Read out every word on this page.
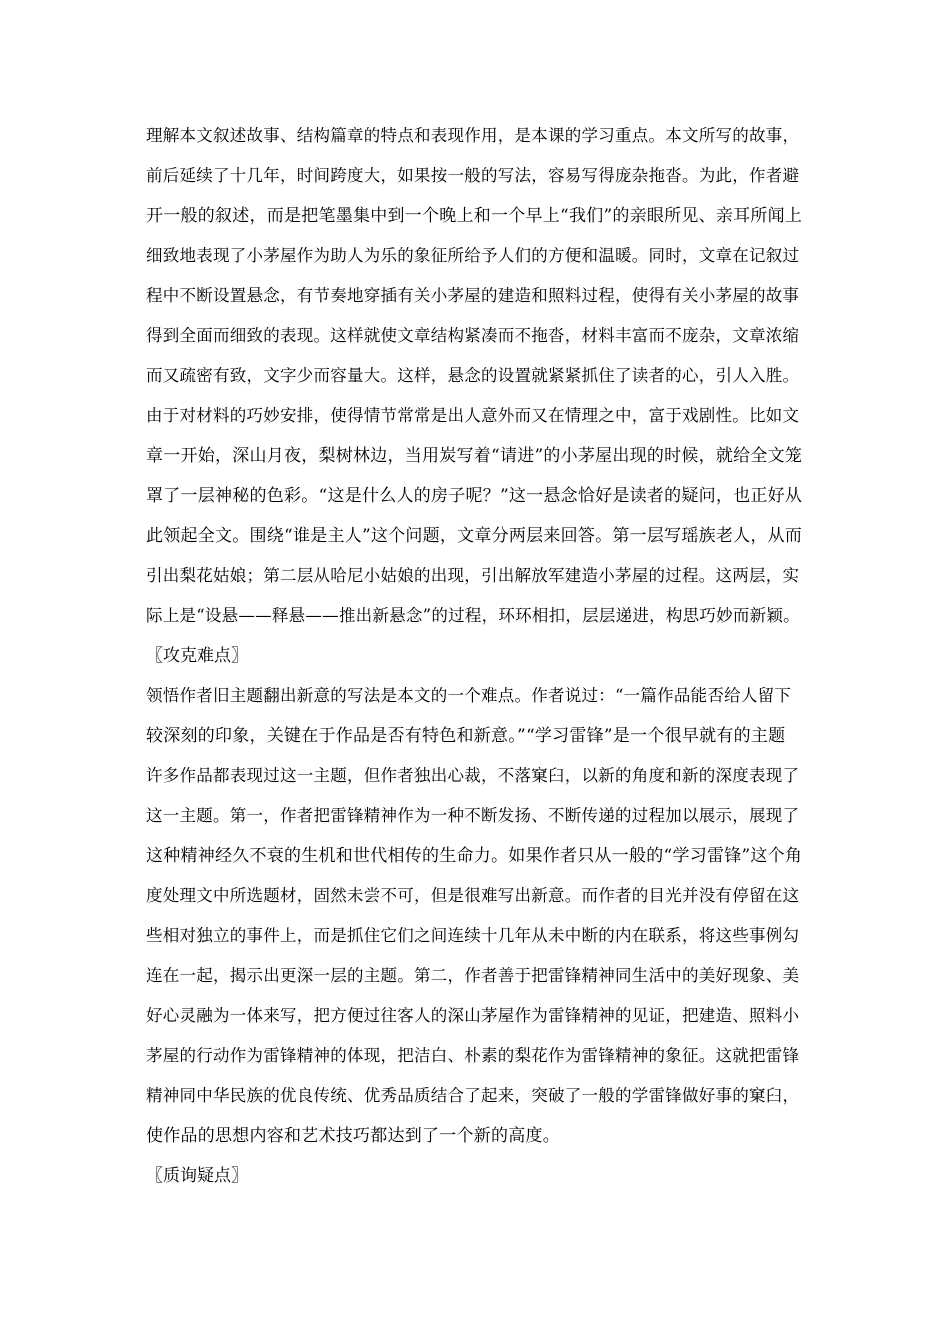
理解本文叙述故事、结构篇章的特点和表现作用，是本课的学习重点。本文所写的故事，
前后延续了十几年，时间跨度大，如果按一般的写法，容易写得庞杂拖沓。为此，作者避
开一般的叙述，而是把笔墨集中到一个晚上和一个早上“我们”的亲眼所见、亲耳所闻上
细致地表现了小茅屋作为助人为乐的象征所给予人们的方便和温暖。同时，文章在记叙过
程中不断设置悬念，有节奏地穿插有关小茅屋的建造和照料过程，使得有关小茅屋的故事
得到全面而细致的表现。这样就使文章结构紧凑而不拖沓，材料丰富而不庞杂，文章浓缩
而又疏密有致，文字少而容量大。这样，悬念的设置就紧紧抓住了读者的心，引人入胜。
由于对材料的巧妙安排，使得情节常常是出人意外而又在情理之中，富于戏剧性。比如文
章一开始，深山月夜，梨树林边，当用炭写着“请进”的小茅屋出现的时候，就给全文笼
罩了一层神秘的色彩。“这是什么人的房子呢？”这一悬念恰好是读者的疑问，也正好从
此领起全文。围绕“谁是主人”这个问题，文章分两层来回答。第一层写瑶族老人，从而
引出梨花姑娘；第二层从哈尼小姑娘的出现，引出解放军建造小茅屋的过程。这两层，实
际上是“设悬——释悬——推出新悬念”的过程，环环相扣，层层递进，构思巧妙而新颖。
〖攻克难点〗
领悟作者旧主题翻出新意的写法是本文的一个难点。作者说过：“一篇作品能否给人留下
较深刻的印象，关键在于作品是否有特色和新意。”“学习雷锋”是一个很早就有的主题
许多作品都表现过这一主题，但作者独出心裁，不落窠臼，以新的角度和新的深度表现了
这一主题。第一，作者把雷锋精神作为一种不断发扬、不断传递的过程加以展示，展现了
这种精神经久不衰的生机和世代相传的生命力。如果作者只从一般的“学习雷锋”这个角
度处理文中所选题材，固然未尝不可，但是很难写出新意。而作者的目光并没有停留在这
些相对独立的事件上，而是抓住它们之间连续十几年从未中断的内在联系，将这些事例勾
连在一起，揭示出更深一层的主题。第二，作者善于把雷锋精神同生活中的美好现象、美
好心灵融为一体来写，把方便过往客人的深山茅屋作为雷锋精神的见证，把建造、照料小
茅屋的行动作为雷锋精神的体现，把洁白、朴素的梨花作为雷锋精神的象征。这就把雷锋
精神同中华民族的优良传统、优秀品质结合了起来，突破了一般的学雷锋做好事的窠臼，
使作品的思想内容和艺术技巧都达到了一个新的高度。
〖质询疑点〗
